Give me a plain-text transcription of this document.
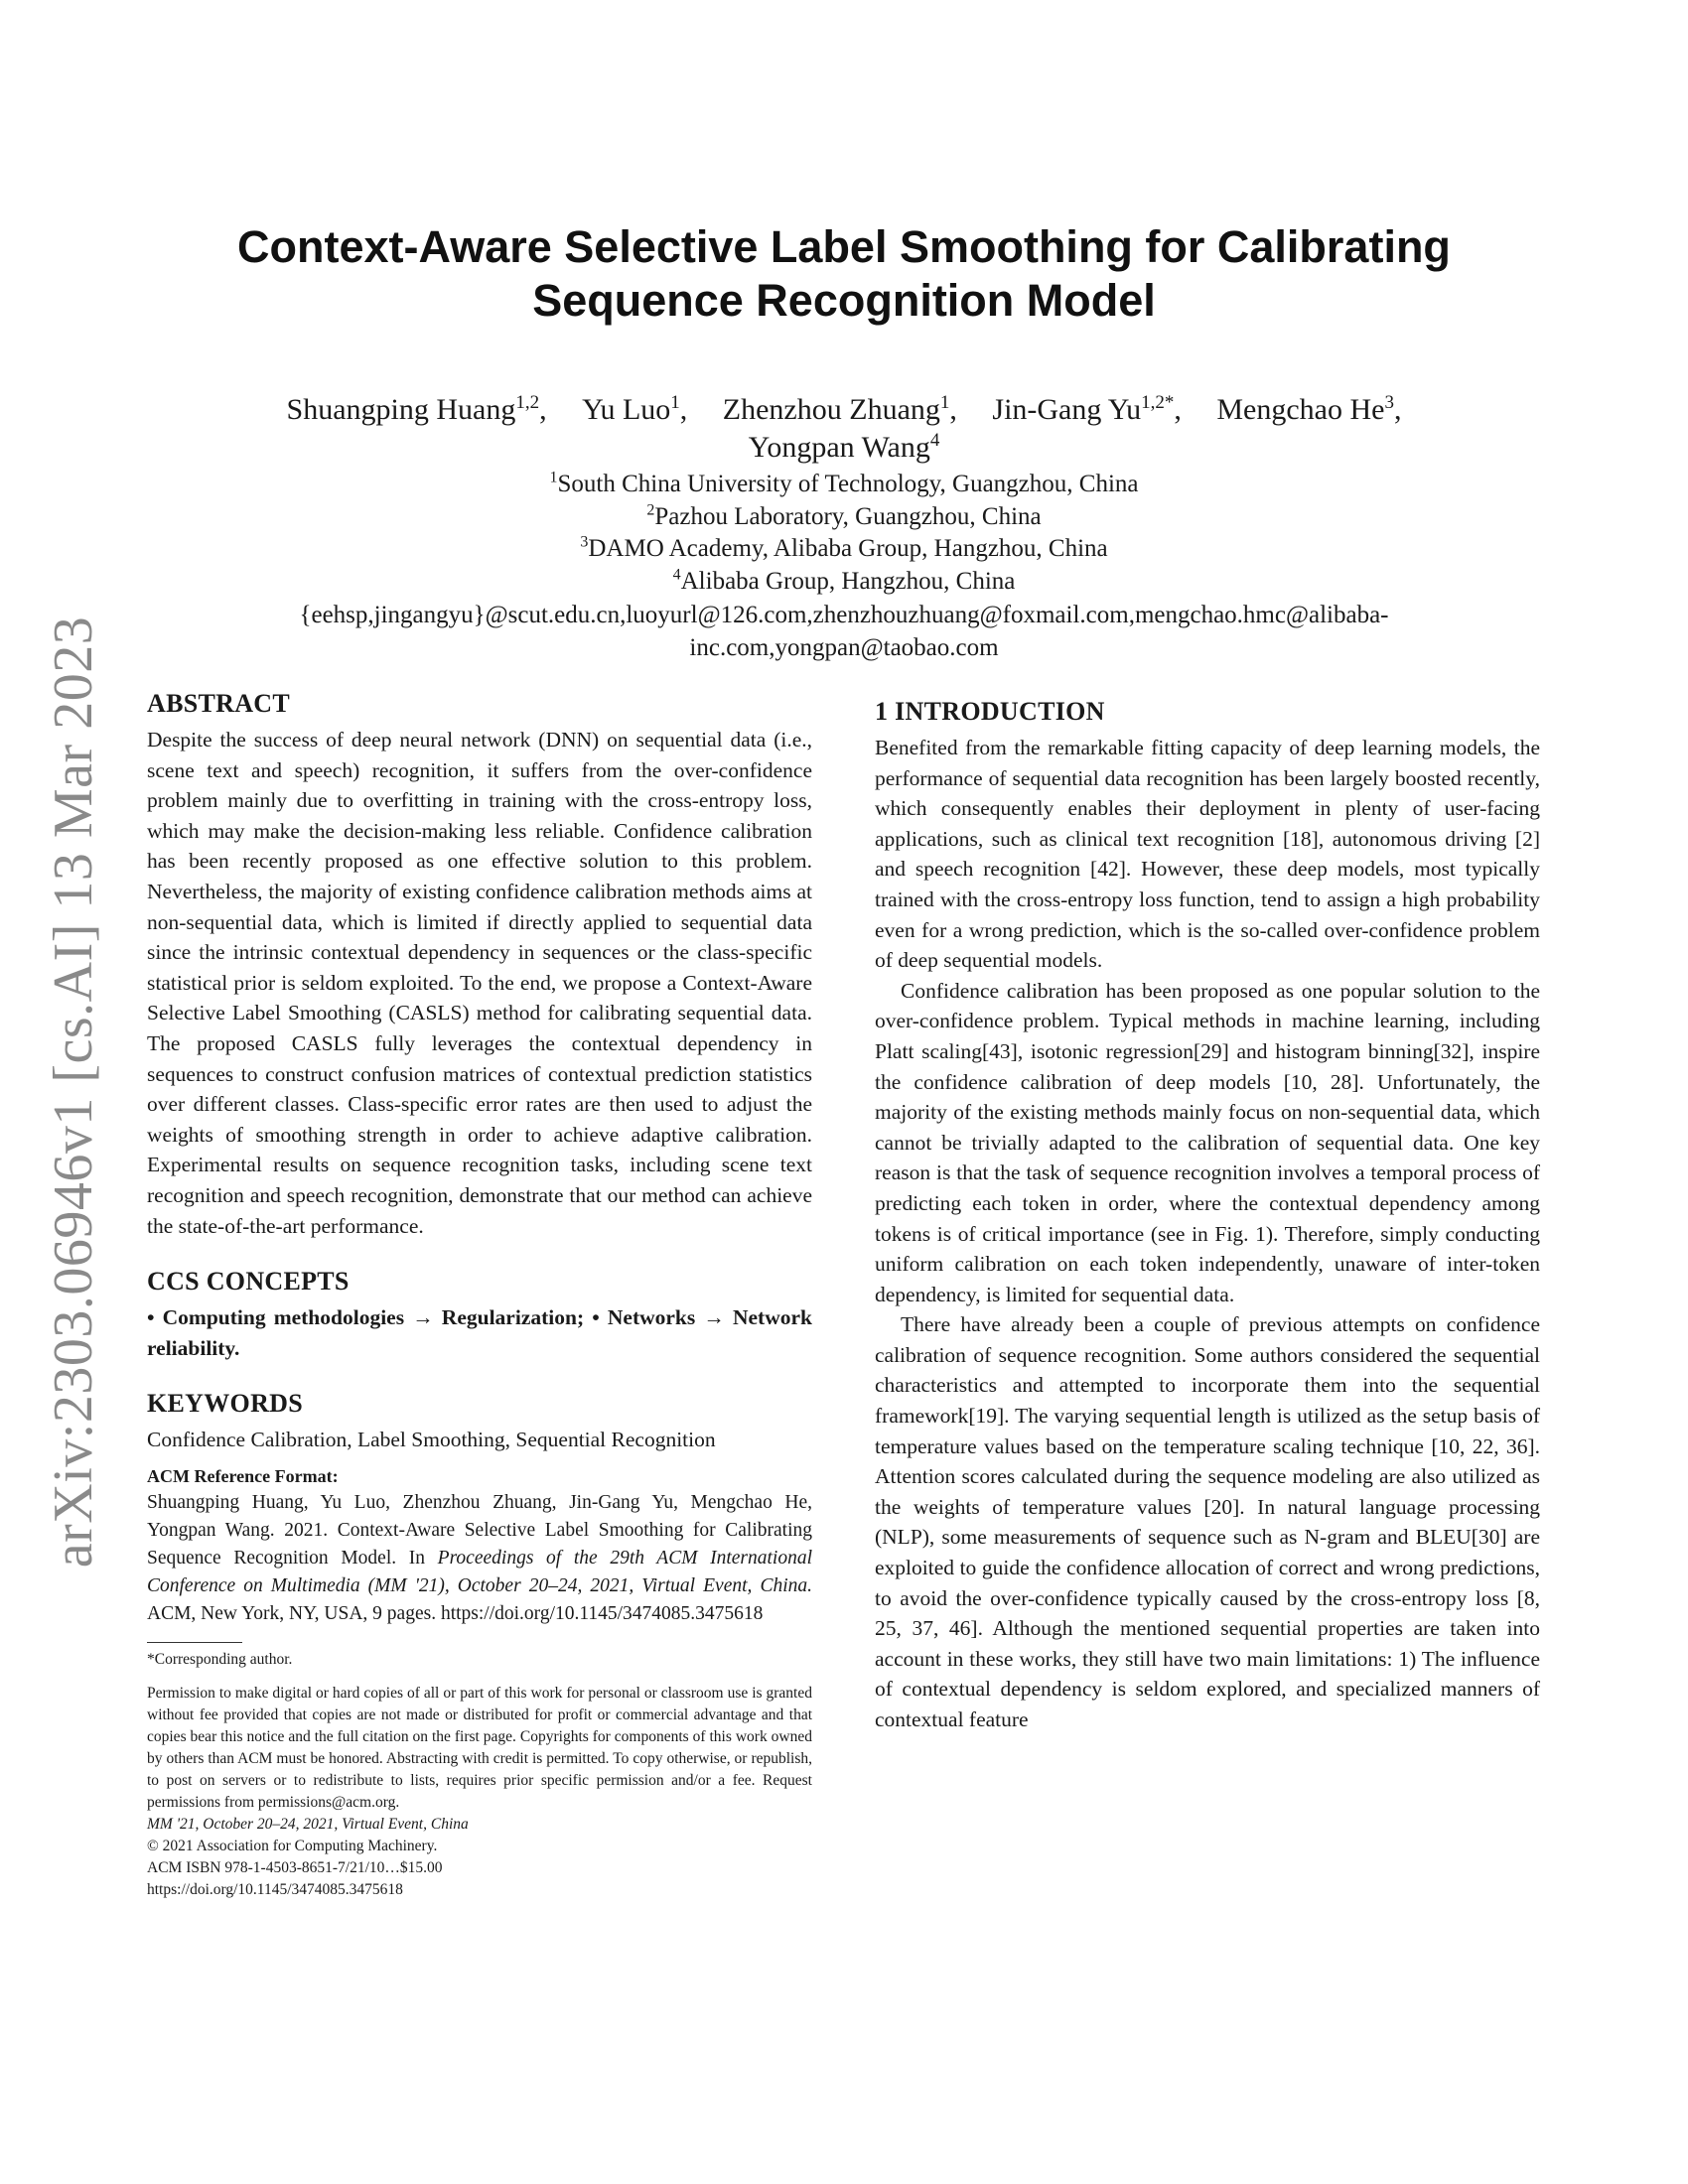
arXiv:2303.06946v1 [cs.AI] 13 Mar 2023
Context-Aware Selective Label Smoothing for Calibrating Sequence Recognition Model
Shuangping Huang$^{1,2}$, Yu Luo$^1$, Zhenzhou Zhuang$^1$, Jin-Gang $Yu^{1,2*}$, Mengchao He$^3$,
Yongpan Wang$^4$
$^1$South China University of Technology, Guangzhou, China
$^2$Pazhou Laboratory, Guangzhou, China
$^3$DAMO Academy, Alibaba Group, Hangzhou, China
$^4$Alibaba Group, Hangzhou, China
{eehsp,jingangyu}@scut.edu.cn,luoyurl@126.com,zhenzhouzhuang@foxmail.com,mengchao.hmc@alibaba-inc.com,yongpan@taobao.com
ABSTRACT

Despite the success of deep neural network (DNN) on sequential data (i.e., scene text and speech) recognition, it suffers from the over-confidence problem mainly due to overfitting in training with the cross-entropy loss, which may make the decision-making less reliable. Confidence calibration has been recently proposed as one effective solution to this problem. Nevertheless, the majority of existing confidence calibration methods aims at non-sequential data, which is limited if directly applied to sequential data since the intrinsic contextual dependency in sequences or the class-specific statistical prior is seldom exploited. To the end, we propose a Context-Aware Selective Label Smoothing (CASLS) method for calibrating sequential data. The proposed CASLS fully leverages the contextual dependency in sequences to construct confusion matrices of contextual prediction statistics over different classes. Class-specific error rates are then used to adjust the weights of smoothing strength in order to achieve adaptive calibration. Experimental results on sequence recognition tasks, including scene text recognition and speech recognition, demonstrate that our method can achieve the state-of-the-art performance.

CCS CONCEPTS

• Computing methodologies → Regularization; • Networks → Network reliability.

KEYWORDS

Confidence Calibration, Label Smoothing, Sequential Recognition

ACM Reference Format:

Shuangping Huang, Yu Luo, Zhenzhou Zhuang, Jin-Gang Yu, Mengchao He, Yongpan Wang. 2021. Context-Aware Selective Label Smoothing for Calibrating Sequence Recognition Model. In Proceedings of the 29th ACM International Conference on Multimedia (MM '21), October 20–24, 2021, Virtual Event, China. ACM, New York, NY, USA, 9 pages. https://doi.org/10.1145/3474085.3475618

*Corresponding author.
Permission to make digital or hard copies of all or part of this work for personal or classroom use is granted without fee provided that copies are not made or distributed for profit or commercial advantage and that copies bear this notice and the full citation on the first page. Copyrights for components of this work owned by others than ACM must be honored. Abstracting with credit is permitted. To copy otherwise, or republish, to post on servers or to redistribute to lists, requires prior specific permission and/or a fee. Request permissions from permissions@acm.org.
MM '21, October 20–24, 2021, Virtual Event, China
© 2021 Association for Computing Machinery.
ACM ISBN 978-1-4503-8651-7/21/10…$15.00
https://doi.org/10.1145/3474085.3475618
1 INTRODUCTION

Benefited from the remarkable fitting capacity of deep learning models, the performance of sequential data recognition has been largely boosted recently, which consequently enables their deployment in plenty of user-facing applications, such as clinical text recognition [18], autonomous driving [2] and speech recognition [42]. However, these deep models, most typically trained with the cross-entropy loss function, tend to assign a high probability even for a wrong prediction, which is the so-called over-confidence problem of deep sequential models.

Confidence calibration has been proposed as one popular solution to the over-confidence problem. Typical methods in machine learning, including Platt scaling[43], isotonic regression[29] and histogram binning[32], inspire the confidence calibration of deep models [10, 28]. Unfortunately, the majority of the existing methods mainly focus on non-sequential data, which cannot be trivially adapted to the calibration of sequential data. One key reason is that the task of sequence recognition involves a temporal process of predicting each token in order, where the contextual dependency among tokens is of critical importance (see in Fig. 1). Therefore, simply conducting uniform calibration on each token independently, unaware of inter-token dependency, is limited for sequential data.

There have already been a couple of previous attempts on confidence calibration of sequence recognition. Some authors considered the sequential characteristics and attempted to incorporate them into the sequential framework[19]. The varying sequential length is utilized as the setup basis of temperature values based on the temperature scaling technique [10, 22, 36]. Attention scores calculated during the sequence modeling are also utilized as the weights of temperature values [20]. In natural language processing (NLP), some measurements of sequence such as N-gram and BLEU[30] are exploited to guide the confidence allocation of correct and wrong predictions, to avoid the over-confidence typically caused by the cross-entropy loss [8, 25, 37, 46]. Although the mentioned sequential properties are taken into account in these works, they still have two main limitations: 1) The influence of contextual dependency is seldom explored, and specialized manners of contextual feature
